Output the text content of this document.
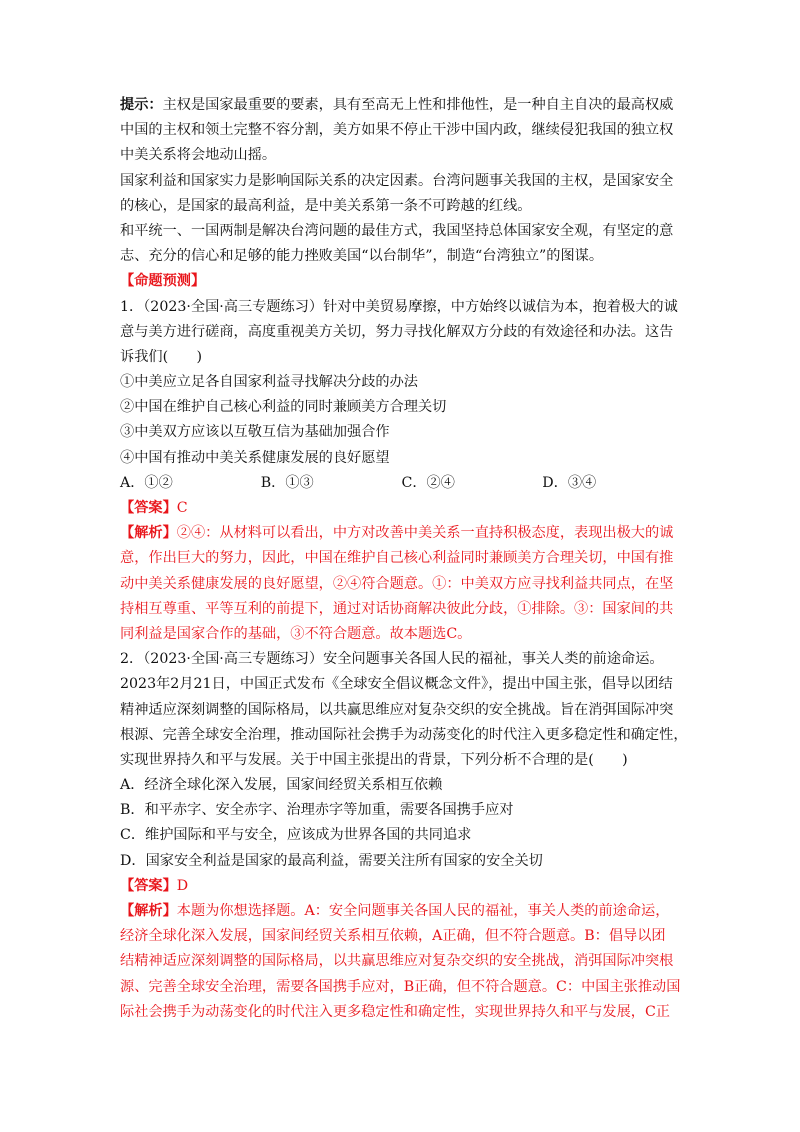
提示：主权是国家最重要的要素，具有至高无上性和排他性，是一种自主自决的最高权威
中国的主权和领土完整不容分割，美方如果不停止干涉中国内政，继续侵犯我国的独立权
中美关系将会地动山摇。
国家利益和国家实力是影响国际关系的决定因素。台湾问题事关我国的主权，是国家安全
的核心，是国家的最高利益，是中美关系第一条不可跨越的红线。
和平统一、一国两制是解决台湾问题的最佳方式，我国坚持总体国家安全观，有坚定的意
志、充分的信心和足够的能力挫败美国“以台制华”，制造“台湾独立”的图谋。
【命题预测】
1．（2023·全国·高三专题练习）针对中美贸易摩擦，中方始终以诚信为本，抱着极大的诚
意与美方进行磋商，高度重视美方关切，努力寻找化解双方分歧的有效途径和办法。这告
诉我们(　　)
①中美应立足各自国家利益寻找解决分歧的办法
②中国在维护自己核心利益的同时兼顾美方合理关切
③中美双方应该以互敬互信为基础加强合作
④中国有推动中美关系健康发展的良好愿望
A．①②	B．①③	C．②④	D．③④
【答案】C
【解析】②④：从材料可以看出，中方对改善中美关系一直持积极态度，表现出极大的诚
意，作出巨大的努力，因此，中国在维护自己核心利益同时兼顾美方合理关切，中国有推
动中美关系健康发展的良好愿望，②④符合题意。①：中美双方应寻找利益共同点，在坚
持相互尊重、平等互利的前提下，通过对话协商解决彼此分歧，①排除。③：国家间的共
同利益是国家合作的基础，③不符合题意。故本题选C。
2．（2023·全国·高三专题练习）安全问题事关各国人民的福祉，事关人类的前途命运。
2023年2月21日，中国正式发布《全球安全倡议概念文件》，提出中国主张，倡导以团结
精神适应深刻调整的国际格局，以共赢思维应对复杂交织的安全挑战。旨在消弭国际冲突
根源、完善全球安全治理，推动国际社会携手为动荡变化的时代注入更多稳定性和确定性，
实现世界持久和平与发展。关于中国主张提出的背景，下列分析不合理的是(　　)
A．经济全球化深入发展，国家间经贸关系相互依赖
B．和平赤字、安全赤字、治理赤字等加重，需要各国携手应对
C．维护国际和平与安全，应该成为世界各国的共同追求
D．国家安全利益是国家的最高利益，需要关注所有国家的安全关切
【答案】D
【解析】本题为你想选择题。A：安全问题事关各国人民的福祉，事关人类的前途命运，
经济全球化深入发展，国家间经贸关系相互依赖，A正确，但不符合题意。B：倡导以团
结精神适应深刻调整的国际格局，以共赢思维应对复杂交织的安全挑战，消弭国际冲突根
源、完善全球安全治理，需要各国携手应对，B正确，但不符合题意。C：中国主张推动国
际社会携手为动荡变化的时代注入更多稳定性和确定性，实现世界持久和平与发展，C正
